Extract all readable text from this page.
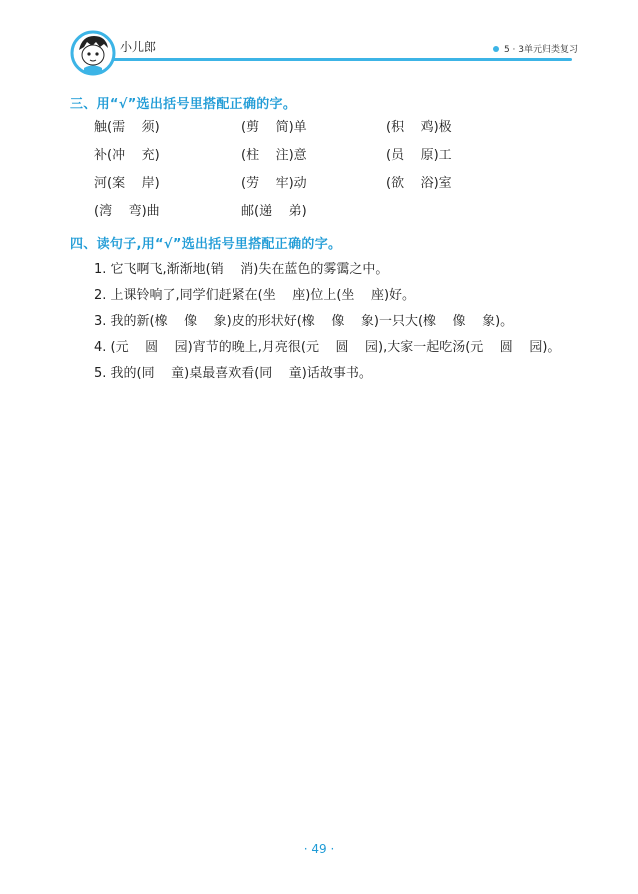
小儿郎	5 · 3单元归类复习
三、用“√”选出括号里搭配正确的字。
触(需    须)	(剪    简)单	(积    鸡)极
补(冲    充)	(柱    注)意	(员    原)工
河(案    岸)	(劳    牢)动	(欲    浴)室
(湾    弯)曲	邮(递    弟)
四、读句子,用“√”选出括号里搭配正确的字。
1. 它飞啊飞,渐渐地(销    消)失在蓝色的雾霭之中。
2. 上课铃响了,同学们赶紧在(坐    座)位上(坐    座)好。
3. 我的新(橡    像    象)皮的形状好(橡    像    象)一只大(橡    像    象)。
4. (元    圆    园)宵节的晚上,月亮很(元    圆    园),大家一起吃汤(元    圆    园)。
5. 我的(同    童)桌最喜欢看(同    童)话故事书。
· 49 ·
